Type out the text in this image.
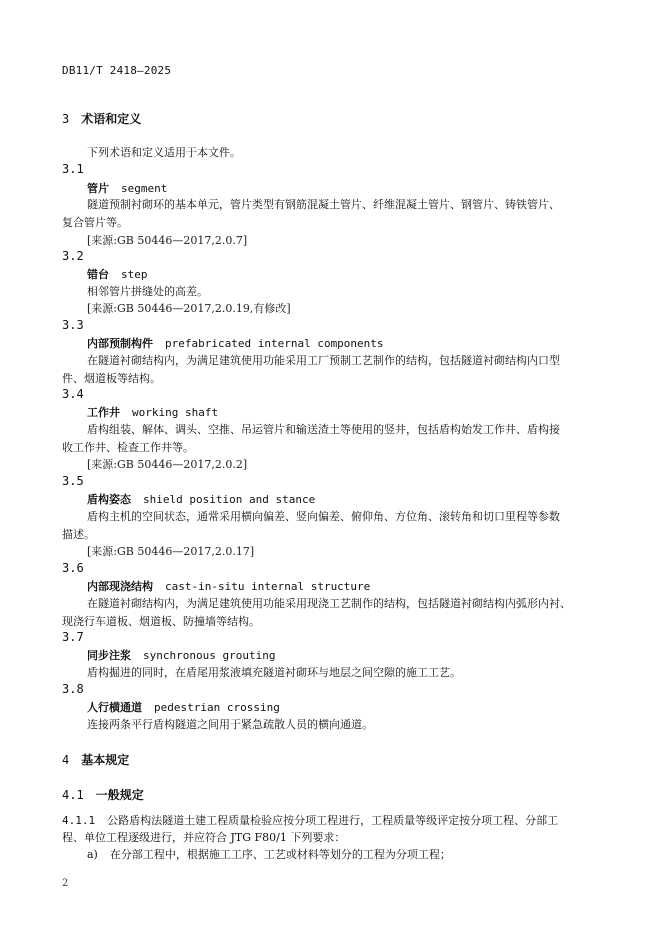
DB11/T 2418—2025
3 术语和定义
下列术语和定义适用于本文件。
3.1
管片 segment
隧道预制衬砌环的基本单元，管片类型有钢筋混凝土管片、纤维混凝土管片、钢管片、铸铁管片、
复合管片等。
[来源:GB 50446—2017,2.0.7]
3.2
错台 step
相邻管片拼缝处的高差。
[来源:GB 50446—2017,2.0.19,有修改]
3.3
内部预制构件 prefabricated internal components
在隧道衬砌结构内，为满足建筑使用功能采用工厂预制工艺制作的结构，包括隧道衬砌结构内口型
件、烟道板等结构。
3.4
工作井 working shaft
盾构组装、解体、调头、空推、吊运管片和输送渣土等使用的竖井，包括盾构始发工作井、盾构接
收工作井、检查工作井等。
[来源:GB 50446—2017,2.0.2]
3.5
盾构姿态 shield position and stance
盾构主机的空间状态，通常采用横向偏差、竖向偏差、俯仰角、方位角、滚转角和切口里程等参数
描述。
[来源:GB 50446—2017,2.0.17]
3.6
内部现浇结构 cast-in-situ internal structure
在隧道衬砌结构内，为满足建筑使用功能采用现浇工艺制作的结构，包括隧道衬砌结构内弧形内衬、
现浇行车道板、烟道板、防撞墙等结构。
3.7
同步注浆 synchronous grouting
盾构掘进的同时，在盾尾用浆液填充隧道衬砌环与地层之间空隙的施工工艺。
3.8
人行横通道 pedestrian crossing
连接两条平行盾构隧道之间用于紧急疏散人员的横向通道。
4 基本规定
4.1 一般规定
4.1.1 公路盾构法隧道土建工程质量检验应按分项工程进行，工程质量等级评定按分项工程、分部工
程、单位工程逐级进行，并应符合 JTG F80/1 下列要求：
a) 在分部工程中，根据施工工序、工艺或材料等划分的工程为分项工程；
2
